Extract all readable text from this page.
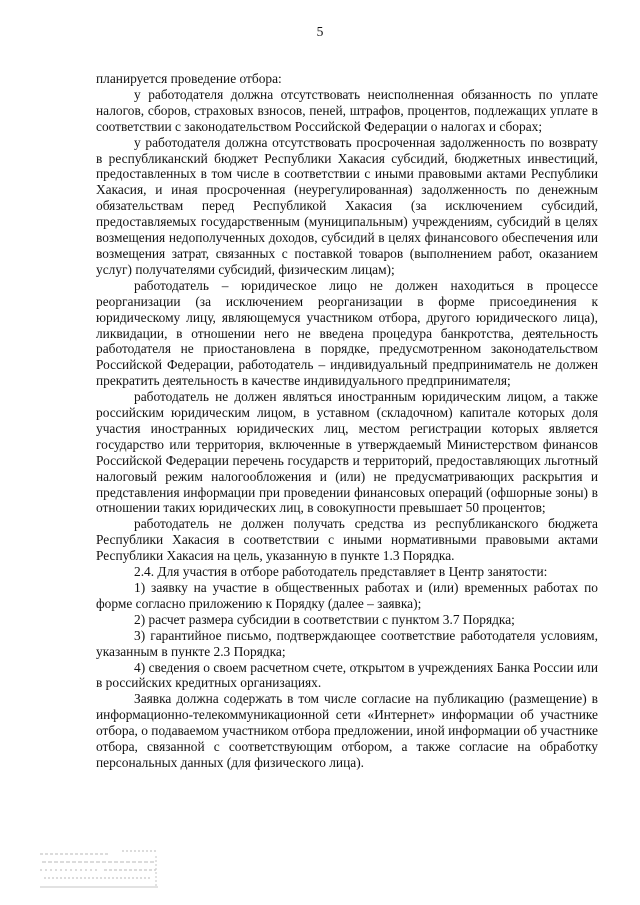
5

планируется проведение отбора:

у работодателя должна отсутствовать неисполненная обязанность по уплате налогов, сборов, страховых взносов, пеней, штрафов, процентов, подлежащих уплате в соответствии с законодательством Российской Федерации о налогах и сборах;

у работодателя должна отсутствовать просроченная задолженность по возврату в республиканский бюджет Республики Хакасия субсидий, бюджетных инвестиций, предоставленных в том числе в соответствии с иными правовыми актами Республики Хакасия, и иная просроченная (неурегулированная) задолженность по денежным обязательствам перед Республикой Хакасия (за исключением субсидий, предоставляемых государственным (муниципальным) учреждениям, субсидий в целях возмещения недополученных доходов, субсидий в целях финансового обеспечения или возмещения затрат, связанных с поставкой товаров (выполнением работ, оказанием услуг) получателями субсидий, физическим лицам);

работодатель – юридическое лицо не должен находиться в процессе реорганизации (за исключением реорганизации в форме присоединения к юридическому лицу, являющемуся участником отбора, другого юридического лица), ликвидации, в отношении него не введена процедура банкротства, деятельность работодателя не приостановлена в порядке, предусмотренном законодательством Российской Федерации, работодатель – индивидуальный предприниматель не должен прекратить деятельность в качестве индивидуального предпринимателя;

работодатель не должен являться иностранным юридическим лицом, а также российским юридическим лицом, в уставном (складочном) капитале которых доля участия иностранных юридических лиц, местом регистрации которых является государство или территория, включенные в утверждаемый Министерством финансов Российской Федерации перечень государств и территорий, предоставляющих льготный налоговый режим налогообложения и (или) не предусматривающих раскрытия и представления информации при проведении финансовых операций (офшорные зоны) в отношении таких юридических лиц, в совокупности превышает 50 процентов;

работодатель не должен получать средства из республиканского бюджета Республики Хакасия в соответствии с иными нормативными правовыми актами Республики Хакасия на цель, указанную в пункте 1.3 Порядка.

2.4. Для участия в отборе работодатель представляет в Центр занятости:

1) заявку на участие в общественных работах и (или) временных работах по форме согласно приложению к Порядку (далее – заявка);

2) расчет размера субсидии в соответствии с пунктом 3.7 Порядка;

3) гарантийное письмо, подтверждающее соответствие работодателя условиям, указанным в пункте 2.3 Порядка;

4) сведения о своем расчетном счете, открытом в учреждениях Банка России или в российских кредитных организациях.

Заявка должна содержать в том числе согласие на публикацию (размещение) в информационно-телекоммуникационной сети «Интернет» информации об участнике отбора, о подаваемом участником отбора предложении, иной информации об участнике отбора, связанной с соответствующим отбором, а также согласие на обработку персональных данных (для физического лица).
